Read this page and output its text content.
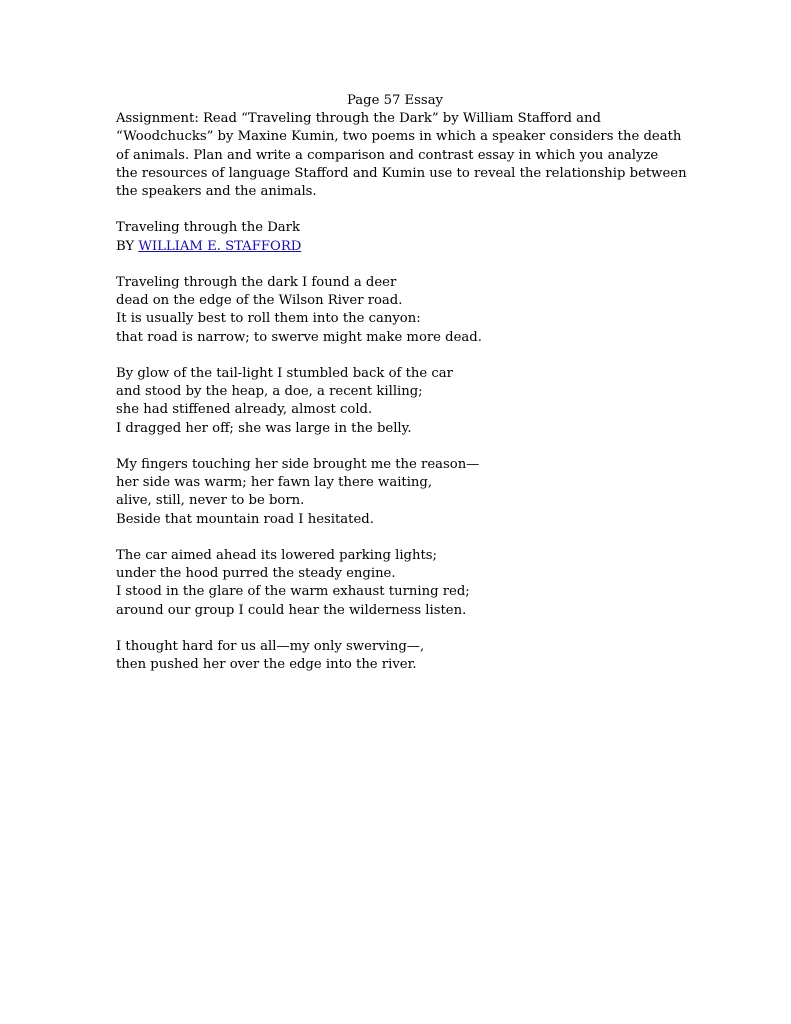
Page 57 Essay
Assignment: Read “Traveling through the Dark” by William Stafford and
“Woodchucks” by Maxine Kumin, two poems in which a speaker considers the death
of animals. Plan and write a comparison and contrast essay in which you analyze
the resources of language Stafford and Kumin use to reveal the relationship between
the speakers and the animals.
Traveling through the Dark
BY WILLIAM E. STAFFORD
Traveling through the dark I found a deer
dead on the edge of the Wilson River road.
It is usually best to roll them into the canyon:
that road is narrow; to swerve might make more dead.
By glow of the tail-light I stumbled back of the car
and stood by the heap, a doe, a recent killing;
she had stiffened already, almost cold.
I dragged her off; she was large in the belly.
My fingers touching her side brought me the reason—
her side was warm; her fawn lay there waiting,
alive, still, never to be born.
Beside that mountain road I hesitated.
The car aimed ahead its lowered parking lights;
under the hood purred the steady engine.
I stood in the glare of the warm exhaust turning red;
around our group I could hear the wilderness listen.
I thought hard for us all—my only swerving—,
then pushed her over the edge into the river.
